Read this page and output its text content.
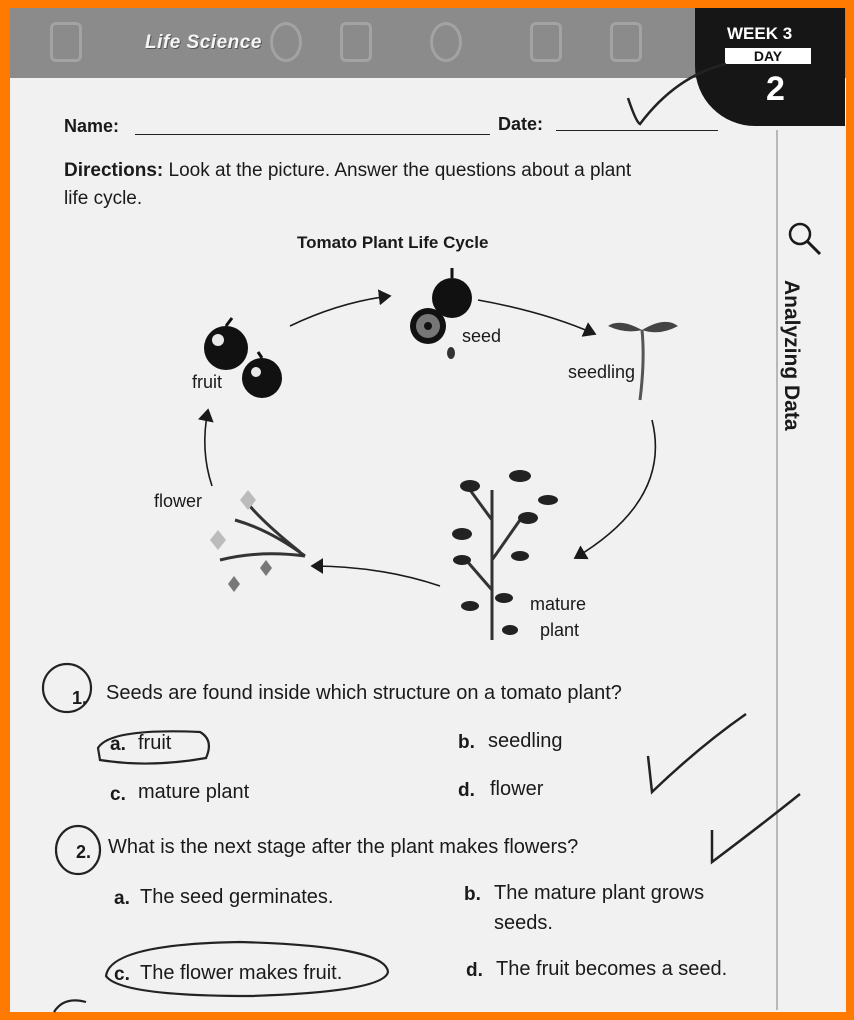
Life Science	WEEK 3
DAY
2
Name:	Date:
Directions: Look at the picture. Answer the questions about a plant
life cycle.
Analyzing Data
Tomato Plant Life Cycle
seed
seedling
mature
plant
flower
fruit
1. Seeds are found inside which structure on a tomato plant?
a. fruit	b. seedling
c. mature plant	d. flower
2. What is the next stage after the plant makes flowers?
a. The seed germinates.	b. The mature plant grows
seeds.
c. The flower makes fruit.	d. The fruit becomes a seed.
